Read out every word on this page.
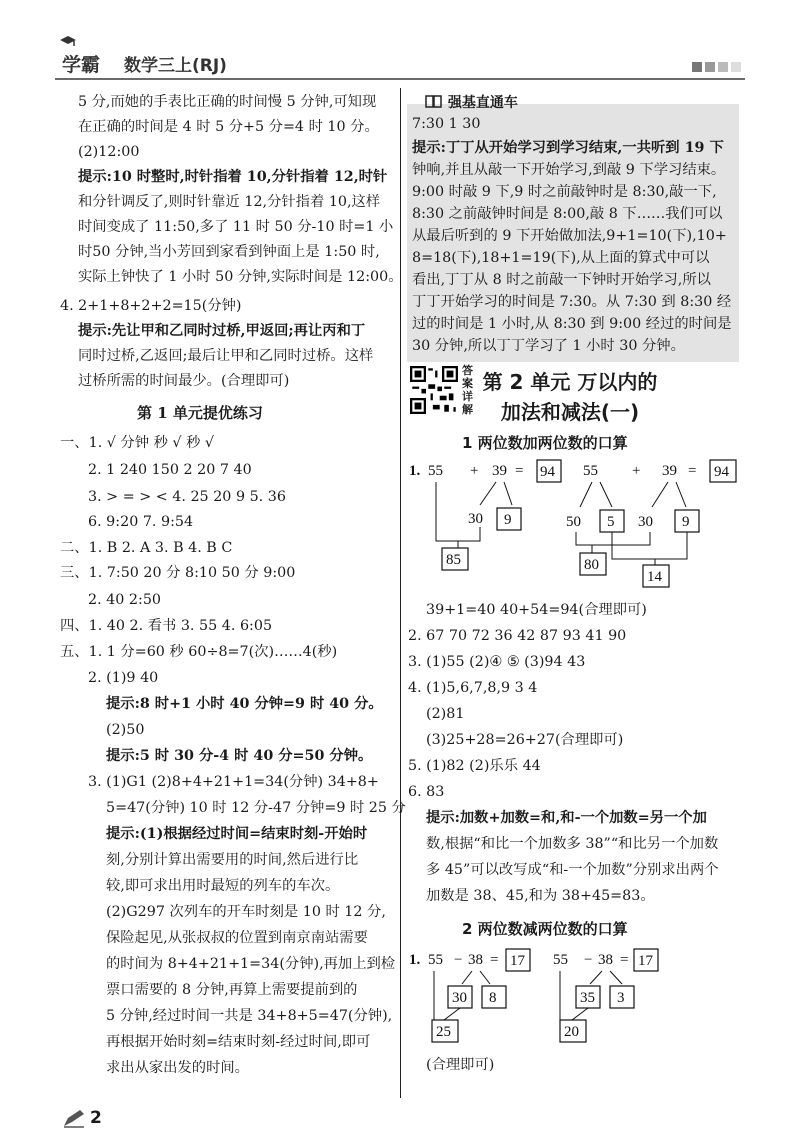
学霸 数学三上(RJ)
5 分,而她的手表比正确的时间慢 5 分钟,可知现
在正确的时间是 4 时 5 分+5 分=4 时 10 分。
(2)12:00
提示:10 时整时,时针指着 10,分针指着 12,时针
和分针调反了,则时针靠近 12,分针指着 10,这样
时间变成了 11:50,多了 11 时 50 分-10 时=1 小
时50 分钟,当小芳回到家看到钟面上是 1:50 时,
实际上钟快了 1 小时 50 分钟,实际时间是 12:00。
4. 2+1+8+2+2=15(分钟)
提示:先让甲和乙同时过桥,甲返回;再让丙和丁
同时过桥,乙返回;最后让甲和乙同时过桥。这样
过桥所需的时间最少。(合理即可)
第 1 单元提优练习
一、1. √ 分钟 秒 √ 秒 √
2. 1 240 150 2 20 7 40
3. > = > < 4. 25 20 9 5. 36
6. 9:20 7. 9:54
二、1. B 2. A 3. B 4. B C
三、1. 7:50 20 分 8:10 50 分 9:00
2. 40 2:50
四、1. 40 2. 看书 3. 55 4. 6:05
五、1. 1 分=60 秒 60÷8=7(次)……4(秒)
2. (1)9 40
提示:8 时+1 小时 40 分钟=9 时 40 分。
(2)50
提示:5 时 30 分-4 时 40 分=50 分钟。
3. (1)G1 (2)8+4+21+1=34(分钟) 34+8+
5=47(分钟) 10 时 12 分-47 分钟=9 时 25 分
提示:(1)根据经过时间=结束时刻-开始时
刻,分别计算出需要用的时间,然后进行比
较,即可求出用时最短的列车的车次。
(2)G297 次列车的开车时刻是 10 时 12 分,
保险起见,从张叔叔的位置到南京南站需要
的时间为 8+4+21+1=34(分钟),再加上到检
票口需要的 8 分钟,再算上需要提前到的
5 分钟,经过时间一共是 34+8+5=47(分钟),
再根据开始时刻=结束时刻-经过时间,即可
求出从家出发的时间。
强基直通车
7:30 1 30
提示:丁丁从开始学习到学习结束,一共听到 19 下
钟响,并且从敲一下开始学习,到敲 9 下学习结束。
9:00 时敲 9 下,9 时之前敲钟时是 8:30,敲一下,
8:30 之前敲钟时间是 8:00,敲 8 下……我们可以
从最后听到的 9 下开始做加法,9+1=10(下),10+
8=18(下),18+1=19(下),从上面的算式中可以
看出,丁丁从 8 时之前敲一下钟时开始学习,所以
丁丁开始学习的时间是 7:30。从 7:30 到 8:30 经
过的时间是 1 小时,从 8:30 到 9:00 经过的时间是
30 分钟,所以丁丁学习了 1 小时 30 分钟。
答
案
详
解
第 2 单元 万以内的
加法和减法(一)
1 两位数加两位数的口算
1. 55 + 39 = 94
30 9
85
55 + 39 = 94
50 5 30 9
80
14
39+1=40 40+54=94(合理即可)
2. 67 70 72 36 42 87 93 41 90
3. (1)55 (2)④ ⑤ (3)94 43
4. (1)5,6,7,8,9 3 4
(2)81
(3)25+28=26+27(合理即可)
5. (1)82 (2)乐乐 44
6. 83
提示:加数+加数=和,和-一个加数=另一个加
数,根据“和比一个加数多 38”“和比另一个加数
多 45”可以改写成“和-一个加数”分别求出两个
加数是 38、45,和为 38+45=83。
2 两位数减两位数的口算
1. 55 − 38 = 17
30 8
25
55 − 38 = 17
35 3
20
(合理即可)
2
